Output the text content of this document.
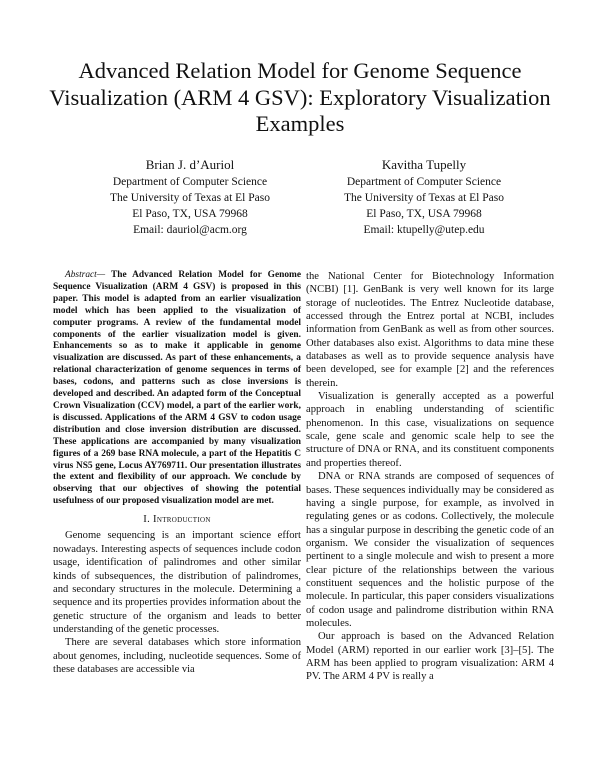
Advanced Relation Model for Genome Sequence Visualization (ARM 4 GSV): Exploratory Visualization Examples
Brian J. d’Auriol
Department of Computer Science
The University of Texas at El Paso
El Paso, TX, USA 79968
Email: dauriol@acm.org
Kavitha Tupelly
Department of Computer Science
The University of Texas at El Paso
El Paso, TX, USA 79968
Email: ktupelly@utep.edu

Abstract— The Advanced Relation Model for Genome Sequence Visualization (ARM 4 GSV) is proposed in this paper. This model is adapted from an earlier visualization model which has been applied to the visualization of computer programs. A review of the fundamental model components of the earlier visualization model is given. Enhancements so as to make it applicable in genome visualization are discussed. As part of these enhancements, a relational characterization of genome sequences in terms of bases, codons, and patterns such as close inversions is developed and described. An adapted form of the Conceptual Crown Visualization (CCV) model, a part of the earlier work, is discussed. Applications of the ARM 4 GSV to codon usage distribution and close inversion distribution are discussed. These applications are accompanied by many visualization figures of a 269 base RNA molecule, a part of the Hepatitis C virus NS5 gene, Locus AY769711. Our presentation illustrates the extent and flexibility of our approach. We conclude by observing that our objectives of showing the potential usefulness of our proposed visualization model are met.

I. Introduction

Genome sequencing is an important science effort nowadays. Interesting aspects of sequences include codon usage, identification of palindromes and other similar kinds of subsequences, the distribution of palindromes, and secondary structures in the molecule. Determining a sequence and its properties provides information about the genetic structure of the organism and leads to better understanding of the genetic processes.

There are several databases which store information about genomes, including, nucleotide sequences. Some of these databases are accessible via

the National Center for Biotechnology Information (NCBI) [1]. GenBank is very well known for its large storage of nucleotides. The Entrez Nucleotide database, accessed through the Entrez portal at NCBI, includes information from GenBank as well as from other sources. Other databases also exist. Algorithms to data mine these databases as well as to provide sequence analysis have been developed, see for example [2] and the references therein.

Visualization is generally accepted as a powerful approach in enabling understanding of scientific phenomenon. In this case, visualizations on sequence scale, gene scale and genomic scale help to see the structure of DNA or RNA, and its constituent components and properties thereof.

DNA or RNA strands are composed of sequences of bases. These sequences individually may be considered as having a single purpose, for example, as involved in regulating genes or as codons. Collectively, the molecule has a singular purpose in describing the genetic code of an organism. We consider the visualization of sequences pertinent to a single molecule and wish to present a more clear picture of the relationships between the various constituent sequences and the holistic purpose of the molecule. In particular, this paper considers visualizations of codon usage and palindrome distribution within RNA molecules.

Our approach is based on the Advanced Relation Model (ARM) reported in our earlier work [3]–[5]. The ARM has been applied to program visualization: ARM 4 PV. The ARM 4 PV is really a
